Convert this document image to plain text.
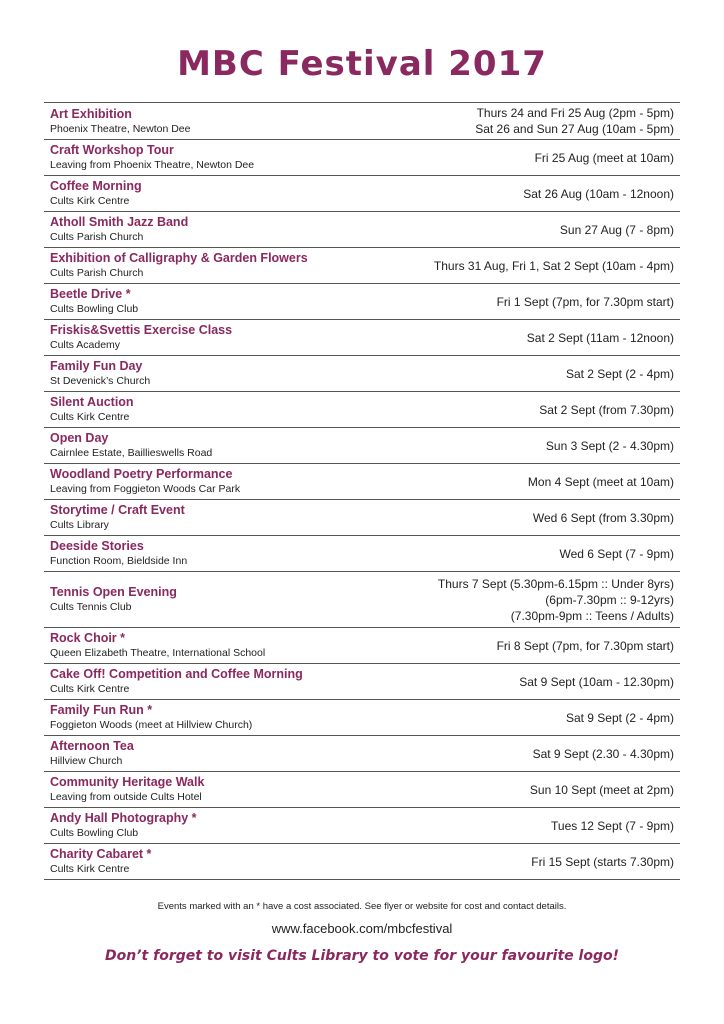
MBC Festival 2017
Art Exhibition
Phoenix Theatre, Newton Dee
Thurs 24 and Fri 25 Aug (2pm - 5pm)
Sat 26 and Sun 27 Aug (10am - 5pm)
Craft Workshop Tour
Leaving from Phoenix Theatre, Newton Dee
Fri 25 Aug (meet at 10am)
Coffee Morning
Cults Kirk Centre
Sat 26 Aug (10am - 12noon)
Atholl Smith Jazz Band
Cults Parish Church
Sun 27 Aug (7 - 8pm)
Exhibition of Calligraphy & Garden Flowers
Cults Parish Church
Thurs 31 Aug, Fri 1, Sat 2 Sept (10am - 4pm)
Beetle Drive *
Cults Bowling Club
Fri 1 Sept (7pm, for 7.30pm start)
Friskis&Svettis Exercise Class
Cults Academy
Sat 2 Sept (11am - 12noon)
Family Fun Day
St Devenick’s Church
Sat 2 Sept (2 - 4pm)
Silent Auction
Cults Kirk Centre
Sat 2 Sept (from 7.30pm)
Open Day
Cairnlee Estate, Baillieswells Road
Sun 3 Sept (2 - 4.30pm)
Woodland Poetry Performance
Leaving from Foggieton Woods Car Park
Mon 4 Sept (meet at 10am)
Storytime / Craft Event
Cults Library
Wed 6 Sept (from 3.30pm)
Deeside Stories
Function Room, Bieldside Inn
Wed 6 Sept (7 - 9pm)
Tennis Open Evening
Cults Tennis Club
Thurs 7 Sept (5.30pm-6.15pm :: Under 8yrs)
(6pm-7.30pm :: 9-12yrs)
(7.30pm-9pm :: Teens / Adults)
Rock Choir *
Queen Elizabeth Theatre, International School
Fri 8 Sept (7pm, for 7.30pm start)
Cake Off! Competition and Coffee Morning
Cults Kirk Centre
Sat 9 Sept (10am - 12.30pm)
Family Fun Run *
Foggieton Woods (meet at Hillview Church)
Sat 9 Sept (2 - 4pm)
Afternoon Tea
Hillview Church
Sat 9 Sept (2.30 - 4.30pm)
Community Heritage Walk
Leaving from outside Cults Hotel
Sun 10 Sept (meet at 2pm)
Andy Hall Photography *
Cults Bowling Club
Tues 12 Sept (7 - 9pm)
Charity Cabaret *
Cults Kirk Centre
Fri 15 Sept (starts 7.30pm)
Events marked with an * have a cost associated. See flyer or website for cost and contact details.
www.facebook.com/mbcfestival
Don’t forget to visit Cults Library to vote for your favourite logo!
